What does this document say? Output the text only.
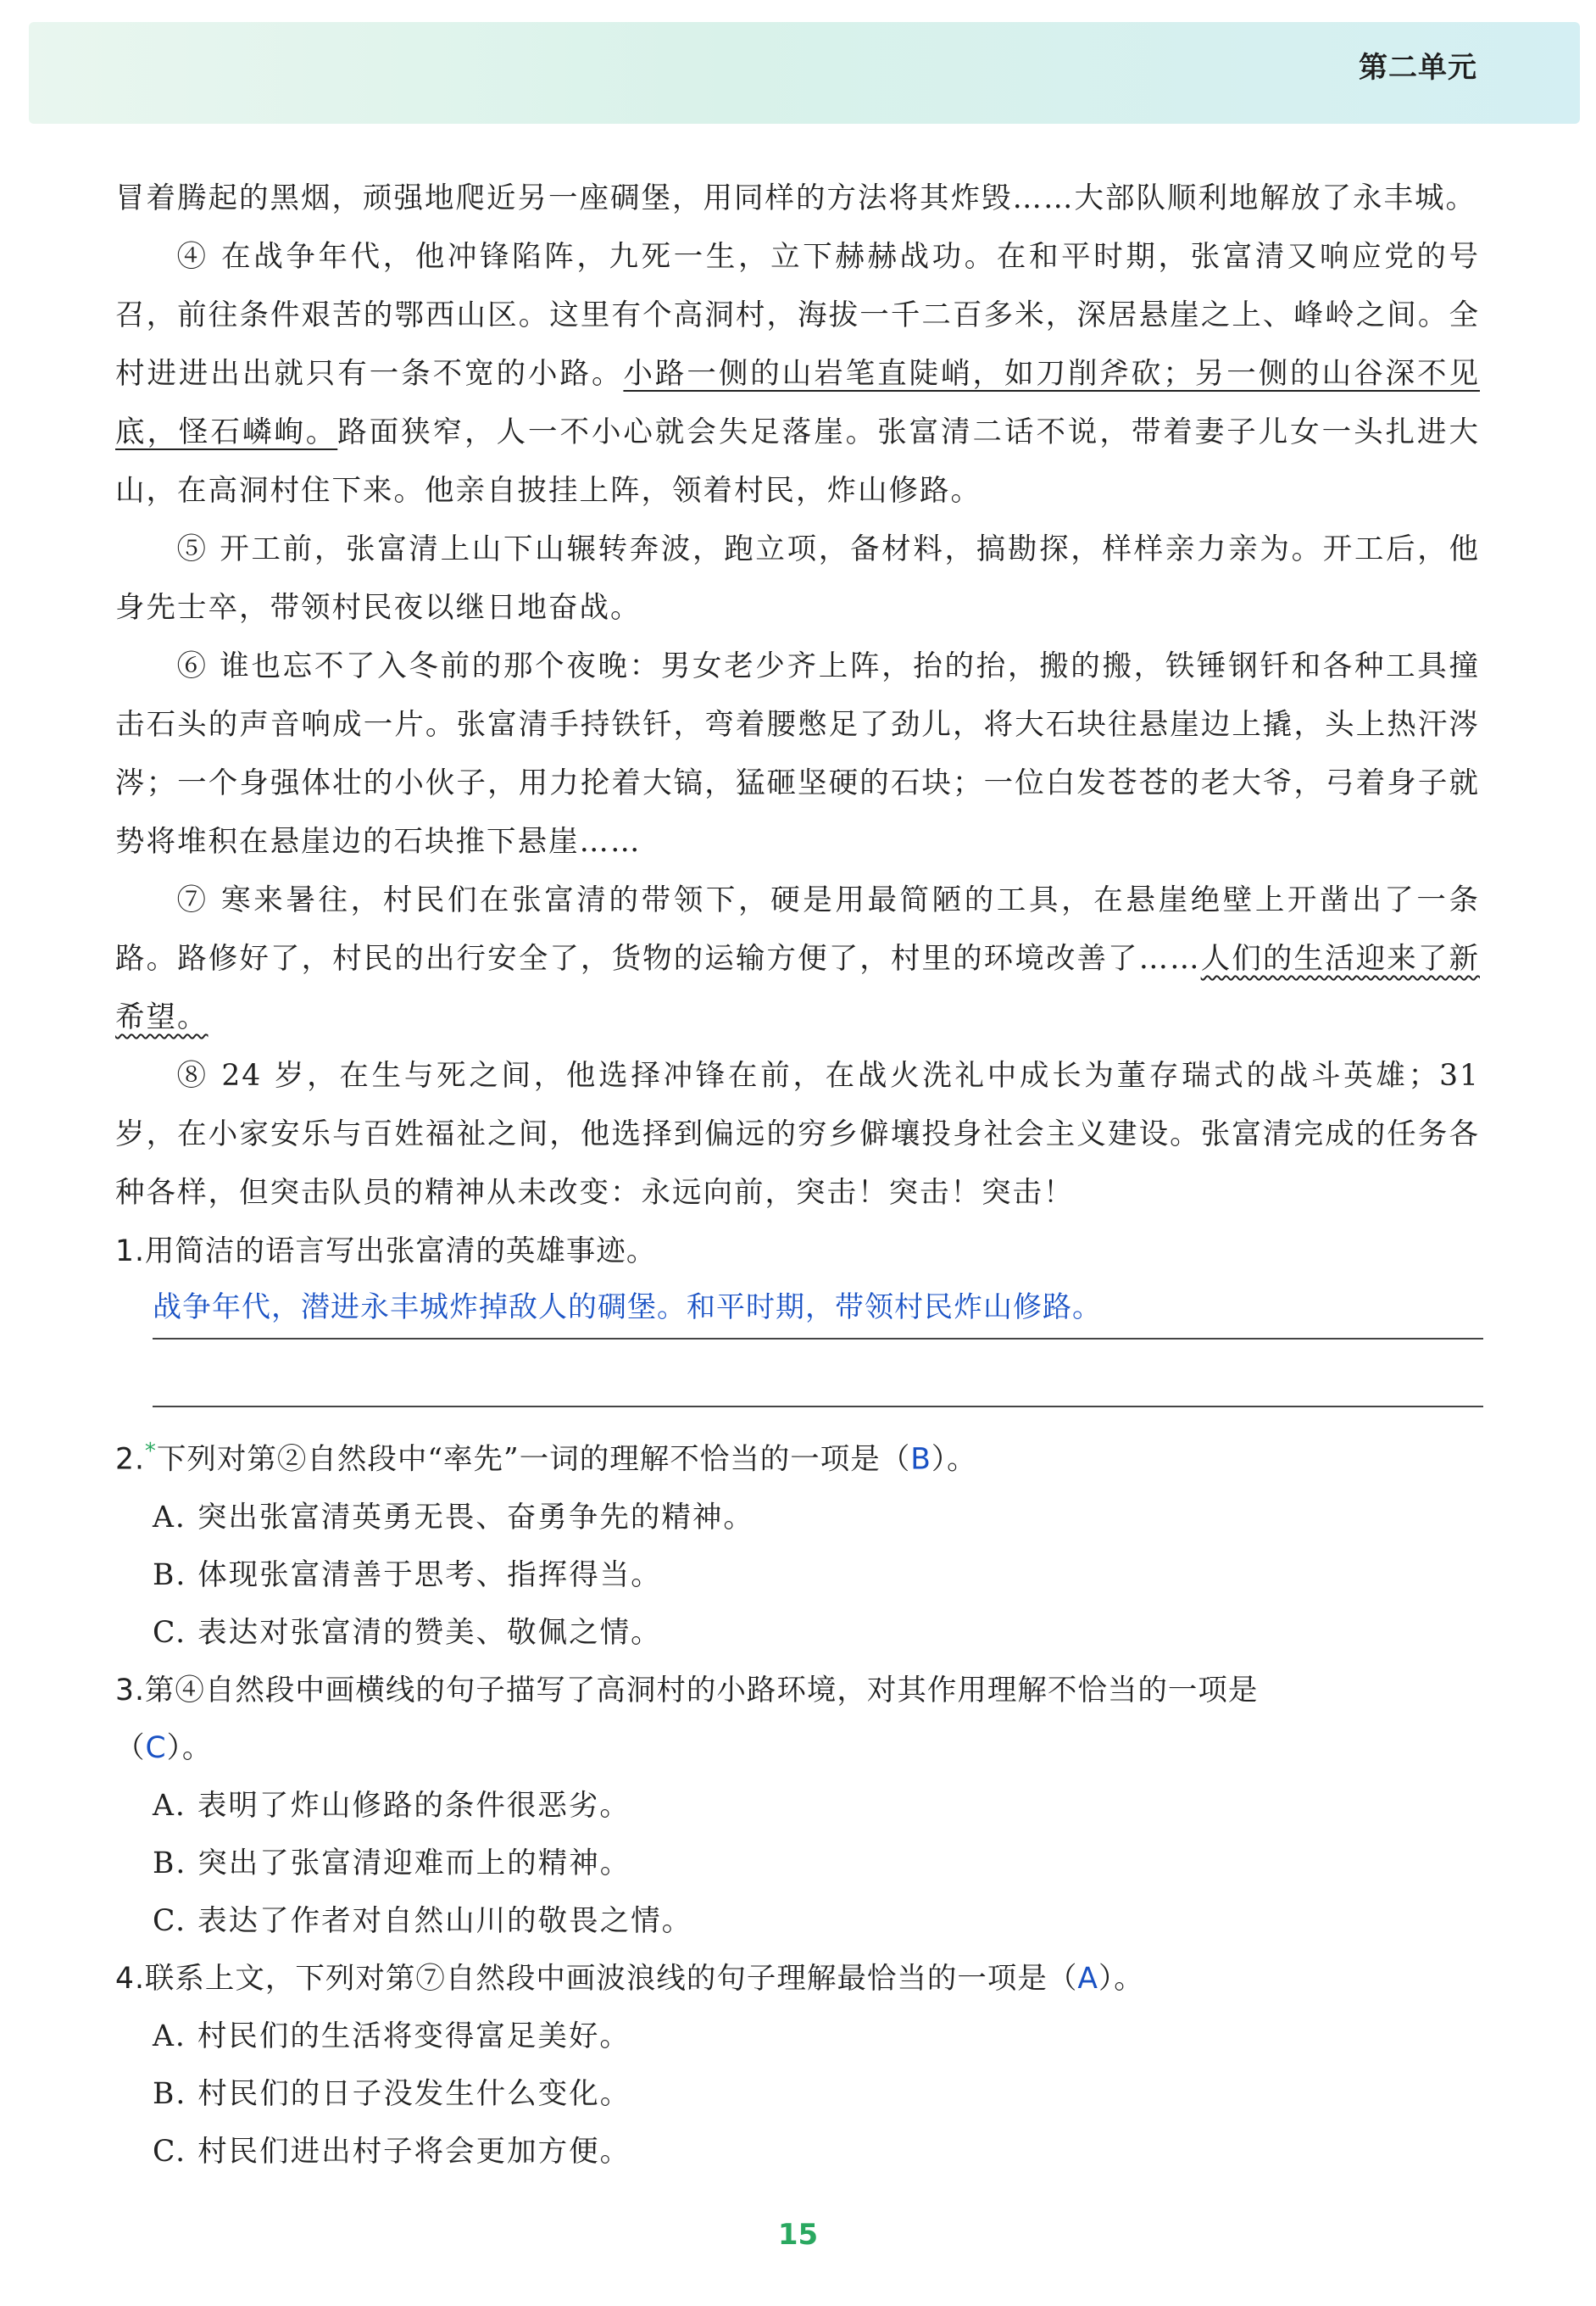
第二单元

冒着腾起的黑烟，顽强地爬近另一座碉堡，用同样的方法将其炸毁……大部队顺利地解放了永丰城。

④ 在战争年代，他冲锋陷阵，九死一生，立下赫赫战功。在和平时期，张富清又响应党的号召，前往条件艰苦的鄂西山区。这里有个高洞村，海拔一千二百多米，深居悬崖之上、峰岭之间。全村进进出出就只有一条不宽的小路。小路一侧的山岩笔直陡峭，如刀削斧砍；另一侧的山谷深不见底，怪石嶙峋。路面狭窄，人一不小心就会失足落崖。张富清二话不说，带着妻子儿女一头扎进大山，在高洞村住下来。他亲自披挂上阵，领着村民，炸山修路。

⑤ 开工前，张富清上山下山辗转奔波，跑立项，备材料，搞勘探，样样亲力亲为。开工后，他身先士卒，带领村民夜以继日地奋战。

⑥ 谁也忘不了入冬前的那个夜晚：男女老少齐上阵，抬的抬，搬的搬，铁锤钢钎和各种工具撞击石头的声音响成一片。张富清手持铁钎，弯着腰憋足了劲儿，将大石块往悬崖边上撬，头上热汗涔涔；一个身强体壮的小伙子，用力抡着大镐，猛砸坚硬的石块；一位白发苍苍的老大爷，弓着身子就势将堆积在悬崖边的石块推下悬崖……

⑦ 寒来暑往，村民们在张富清的带领下，硬是用最简陋的工具，在悬崖绝壁上开凿出了一条路。路修好了，村民的出行安全了，货物的运输方便了，村里的环境改善了……人们的生活迎来了新希望。

⑧ 24 岁，在生与死之间，他选择冲锋在前，在战火洗礼中成长为董存瑞式的战斗英雄；31 岁，在小家安乐与百姓福祉之间，他选择到偏远的穷乡僻壤投身社会主义建设。张富清完成的任务各种各样，但突击队员的精神从未改变：永远向前，突击！突击！突击！

1.用简洁的语言写出张富清的英雄事迹。

战争年代，潜进永丰城炸掉敌人的碉堡。和平时期，带领村民炸山修路。

2.*下列对第②自然段中“率先”一词的理解不恰当的一项是（B）。

A. 突出张富清英勇无畏、奋勇争先的精神。

B. 体现张富清善于思考、指挥得当。

C. 表达对张富清的赞美、敬佩之情。

3.第④自然段中画横线的句子描写了高洞村的小路环境，对其作用理解不恰当的一项是
（C）。

A. 表明了炸山修路的条件很恶劣。

B. 突出了张富清迎难而上的精神。

C. 表达了作者对自然山川的敬畏之情。

4.联系上文，下列对第⑦自然段中画波浪线的句子理解最恰当的一项是（A）。

A. 村民们的生活将变得富足美好。

B. 村民们的日子没发生什么变化。

C. 村民们进出村子将会更加方便。

15
